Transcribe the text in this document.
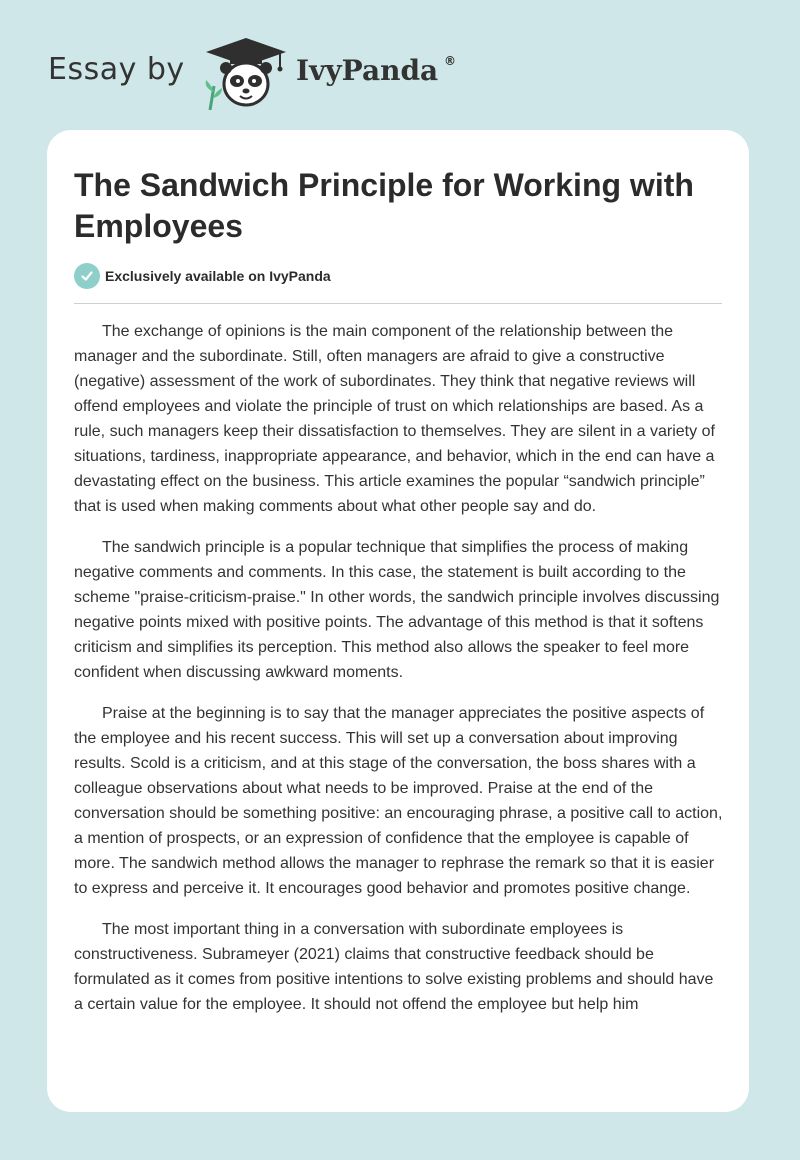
Essay by	IvyPanda ®
The Sandwich Principle for Working with Employees
Exclusively available on IvyPanda

The exchange of opinions is the main component of the relationship between the manager and the subordinate. Still, often managers are afraid to give a constructive (negative) assessment of the work of subordinates. They think that negative reviews will offend employees and violate the principle of trust on which relationships are based. As a rule, such managers keep their dissatisfaction to themselves. They are silent in a variety of situations, tardiness, inappropriate appearance, and behavior, which in the end can have a devastating effect on the business. This article examines the popular “sandwich principle” that is used when making comments about what other people say and do.

The sandwich principle is a popular technique that simplifies the process of making negative comments and comments. In this case, the statement is built according to the scheme "praise-criticism-praise." In other words, the sandwich principle involves discussing negative points mixed with positive points. The advantage of this method is that it softens criticism and simplifies its perception. This method also allows the speaker to feel more confident when discussing awkward moments.

Praise at the beginning is to say that the manager appreciates the positive aspects of the employee and his recent success. This will set up a conversation about improving results. Scold is a criticism, and at this stage of the conversation, the boss shares with a colleague observations about what needs to be improved. Praise at the end of the conversation should be something positive: an encouraging phrase, a positive call to action, a mention of prospects, or an expression of confidence that the employee is capable of more. The sandwich method allows the manager to rephrase the remark so that it is easier to express and perceive it. It encourages good behavior and promotes positive change.

The most important thing in a conversation with subordinate employees is constructiveness. Subrameyer (2021) claims that constructive feedback should be formulated as it comes from positive intentions to solve existing problems and should have a certain value for the employee. It should not offend the employee but help him
